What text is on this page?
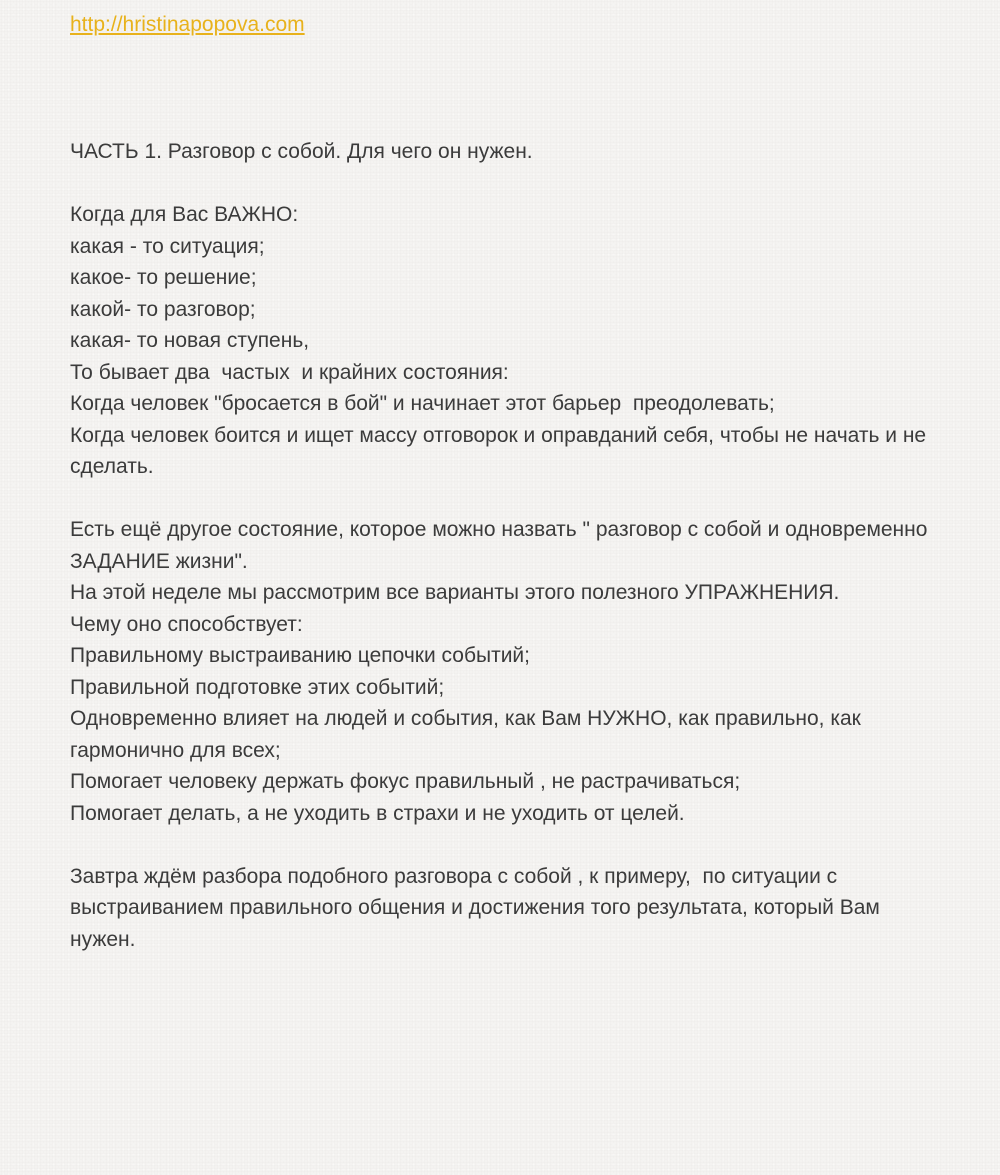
http://hristinapopova.com
ЧАСТЬ 1. Разговор с собой. Для чего он нужен.
Когда для Вас ВАЖНО:
какая - то ситуация;
какое- то решение;
какой- то разговор;
какая- то новая ступень,
То бывает два  частых  и крайних состояния:
Когда человек "бросается в бой" и начинает этот барьер  преодолевать;
Когда человек боится и ищет массу отговорок и оправданий себя, чтобы не начать и не сделать.
Есть ещё другое состояние, которое можно назвать " разговор с собой и одновременно ЗАДАНИЕ жизни".
На этой неделе мы рассмотрим все варианты этого полезного УПРАЖНЕНИЯ.
Чему оно способствует:
Правильному выстраиванию цепочки событий;
Правильной подготовке этих событий;
Одновременно влияет на людей и события, как Вам НУЖНО, как правильно, как гармонично для всех;
Помогает человеку держать фокус правильный , не растрачиваться;
Помогает делать, а не уходить в страхи и не уходить от целей.
Завтра ждём разбора подобного разговора с собой , к примеру,  по ситуации с выстраиванием правильного общения и достижения того результата, который Вам нужен.
